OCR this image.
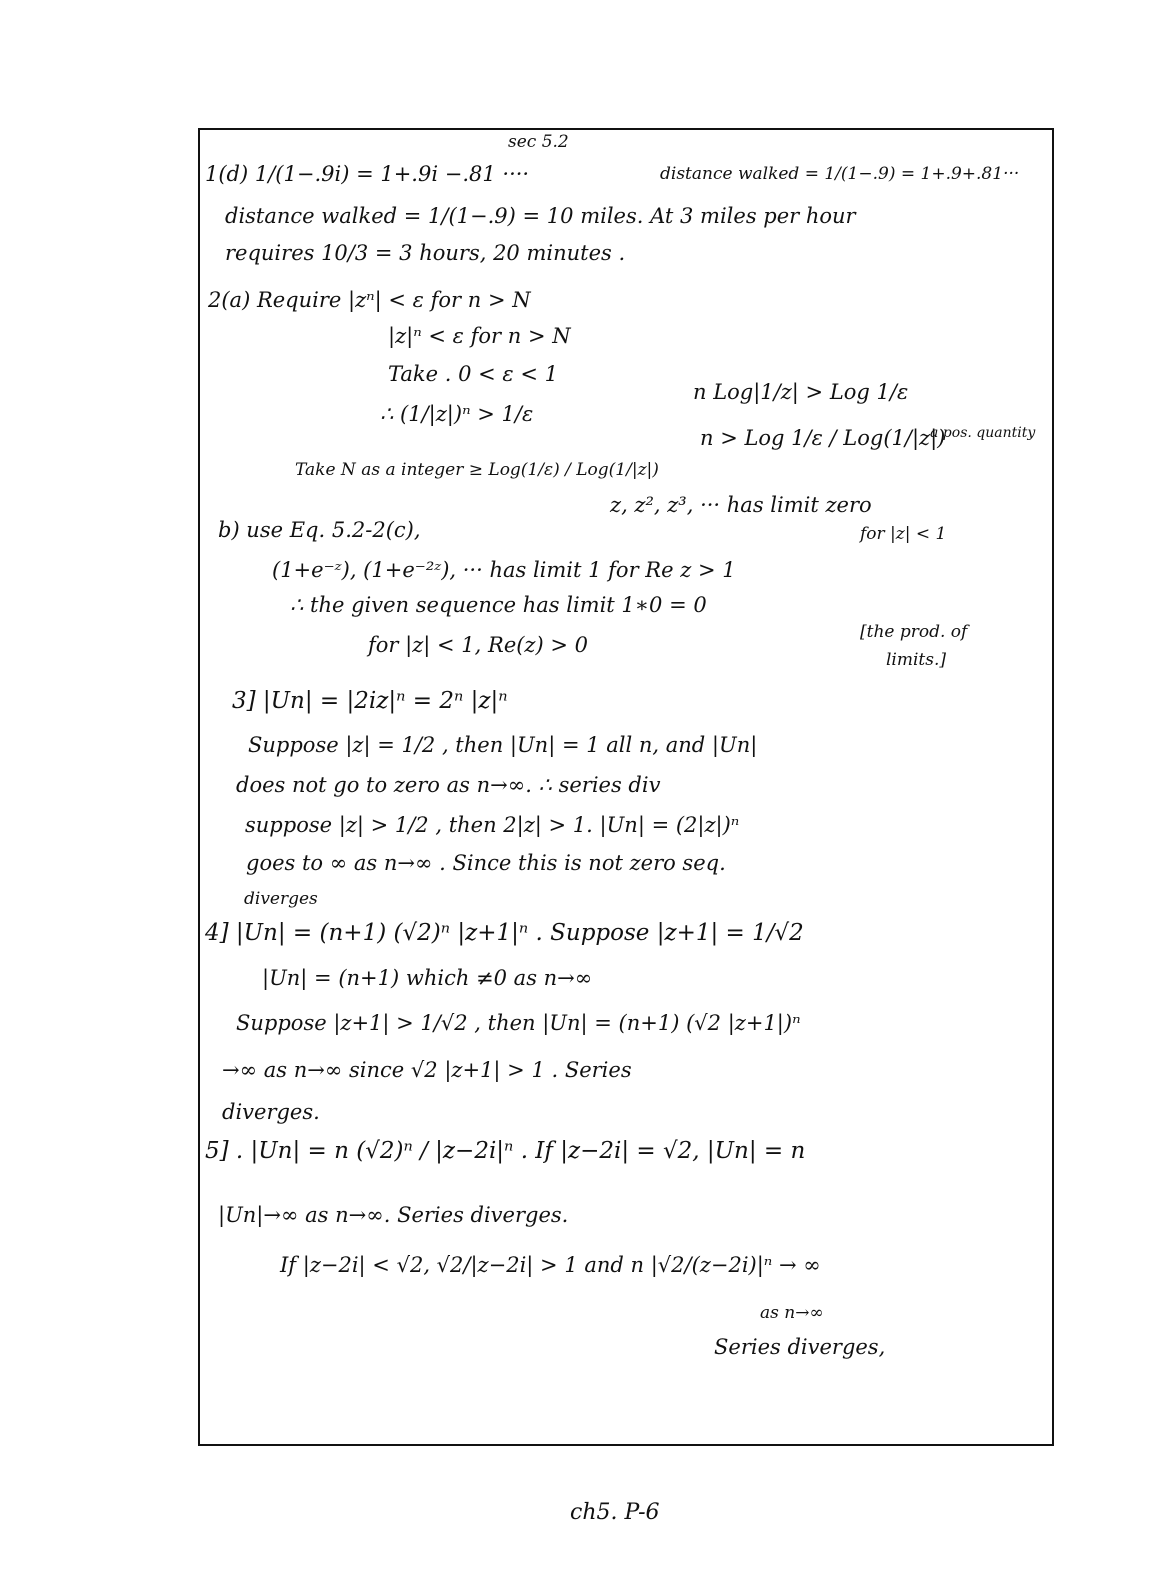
sec 5.2
1(d) 1/(1−.9i) = 1+.9i −.81 ····	distance walked = 1/(1−.9) = 1+.9+.81···
distance walked = 1/(1−.9) = 10 miles. At 3 miles per hour
requires 10/3 = 3 hours, 20 minutes .
2(a) Require |zⁿ| < ε for n > N
|z|ⁿ < ε for n > N
Take . 0 < ε < 1
∴ (1/|z|)ⁿ > 1/ε
n Log|1/z| > Log 1/ε
n > Log 1/ε / Log(1/|z|)
a pos. quantity
Take N as a integer ≥ Log(1/ε) / Log(1/|z|)
b) use Eq. 5.2-2(c),
z, z², z³, ··· has limit zero
for |z| < 1
(1+e⁻ᶻ), (1+e⁻²ᶻ), ··· has limit 1 for Re z > 1
∴ the given sequence has limit 1∗0 = 0
for |z| < 1, Re(z) > 0
[the prod. of
limits.]
3] |Un| = |2iz|ⁿ = 2ⁿ |z|ⁿ
Suppose |z| = 1/2 , then |Un| = 1 all n, and |Un|
does not go to zero as n→∞. ∴ series div
suppose |z| > 1/2 , then 2|z| > 1. |Un| = (2|z|)ⁿ
goes to ∞ as n→∞ . Since this is not zero seq.
diverges
4] |Un| = (n+1) (√2)ⁿ |z+1|ⁿ . Suppose |z+1| = 1/√2
|Un| = (n+1) which ≠0 as n→∞
Suppose |z+1| > 1/√2 , then |Un| = (n+1) (√2 |z+1|)ⁿ
→∞ as n→∞ since √2 |z+1| > 1 . Series
diverges.
5] . |Un| = n (√2)ⁿ / |z−2i|ⁿ . If |z−2i| = √2, |Un| = n
|Un|→∞ as n→∞. Series diverges.
If |z−2i| < √2, √2/|z−2i| > 1 and n |√2/(z−2i)|ⁿ → ∞
as n→∞
Series diverges,
ch5. P-6
